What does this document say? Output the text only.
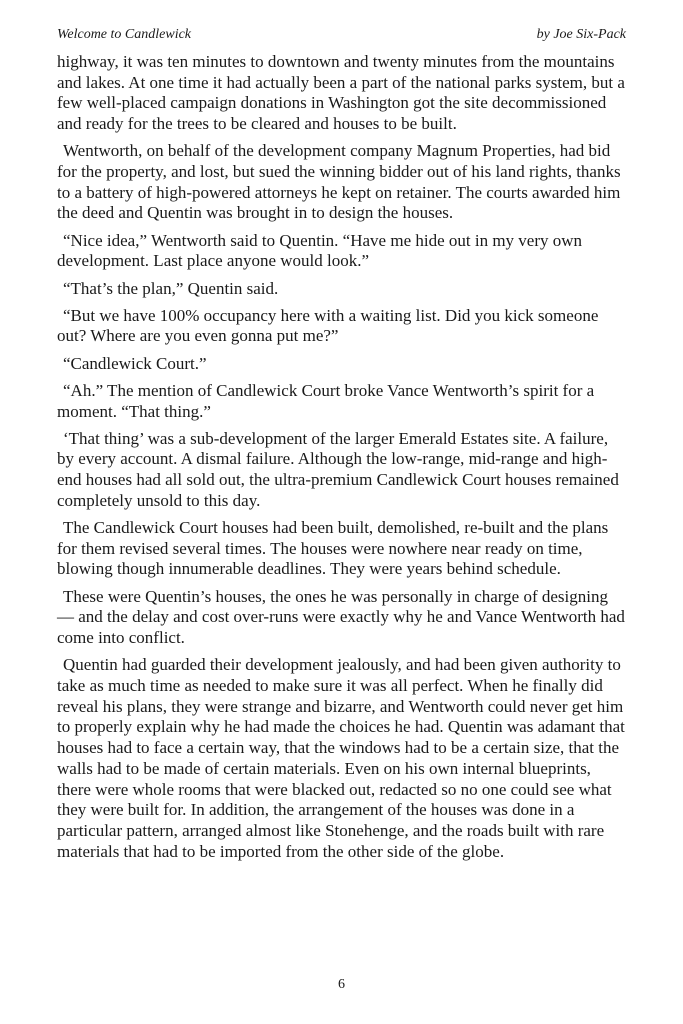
Welcome to Candlewick	by Joe Six-Pack

highway, it was ten minutes to downtown and twenty minutes from the mountains and lakes. At one time it had actually been a part of the national parks system, but a few well-placed campaign donations in Washington got the site decommissioned and ready for the trees to be cleared and houses to be built.

Wentworth, on behalf of the development company Magnum Properties, had bid for the property, and lost, but sued the winning bidder out of his land rights, thanks to a battery of high-powered attorneys he kept on retainer. The courts awarded him the deed and Quentin was brought in to design the houses.

“Nice idea,” Wentworth said to Quentin. “Have me hide out in my very own development. Last place anyone would look.”

“That’s the plan,” Quentin said.

“But we have 100% occupancy here with a waiting list. Did you kick someone out? Where are you even gonna put me?”

“Candlewick Court.”

“Ah.” The mention of Candlewick Court broke Vance Wentworth’s spirit for a moment. “That thing.”

‘That thing’ was a sub-development of the larger Emerald Estates site. A failure, by every account. A dismal failure. Although the low-range, mid-range and high-end houses had all sold out, the ultra-premium Candlewick Court houses remained completely unsold to this day.

The Candlewick Court houses had been built, demolished, re-built and the plans for them revised several times. The houses were nowhere near ready on time, blowing though innumerable deadlines. They were years behind schedule.

These were Quentin’s houses, the ones he was personally in charge of designing — and the delay and cost over-runs were exactly why he and Vance Wentworth had come into conflict.

Quentin had guarded their development jealously, and had been given authority to take as much time as needed to make sure it was all perfect. When he finally did reveal his plans, they were strange and bizarre, and Wentworth could never get him to properly explain why he had made the choices he had. Quentin was adamant that houses had to face a certain way, that the windows had to be a certain size, that the walls had to be made of certain materials. Even on his own internal blueprints, there were whole rooms that were blacked out, redacted so no one could see what they were built for. In addition, the arrangement of the houses was done in a particular pattern, arranged almost like Stonehenge, and the roads built with rare materials that had to be imported from the other side of the globe.

6
